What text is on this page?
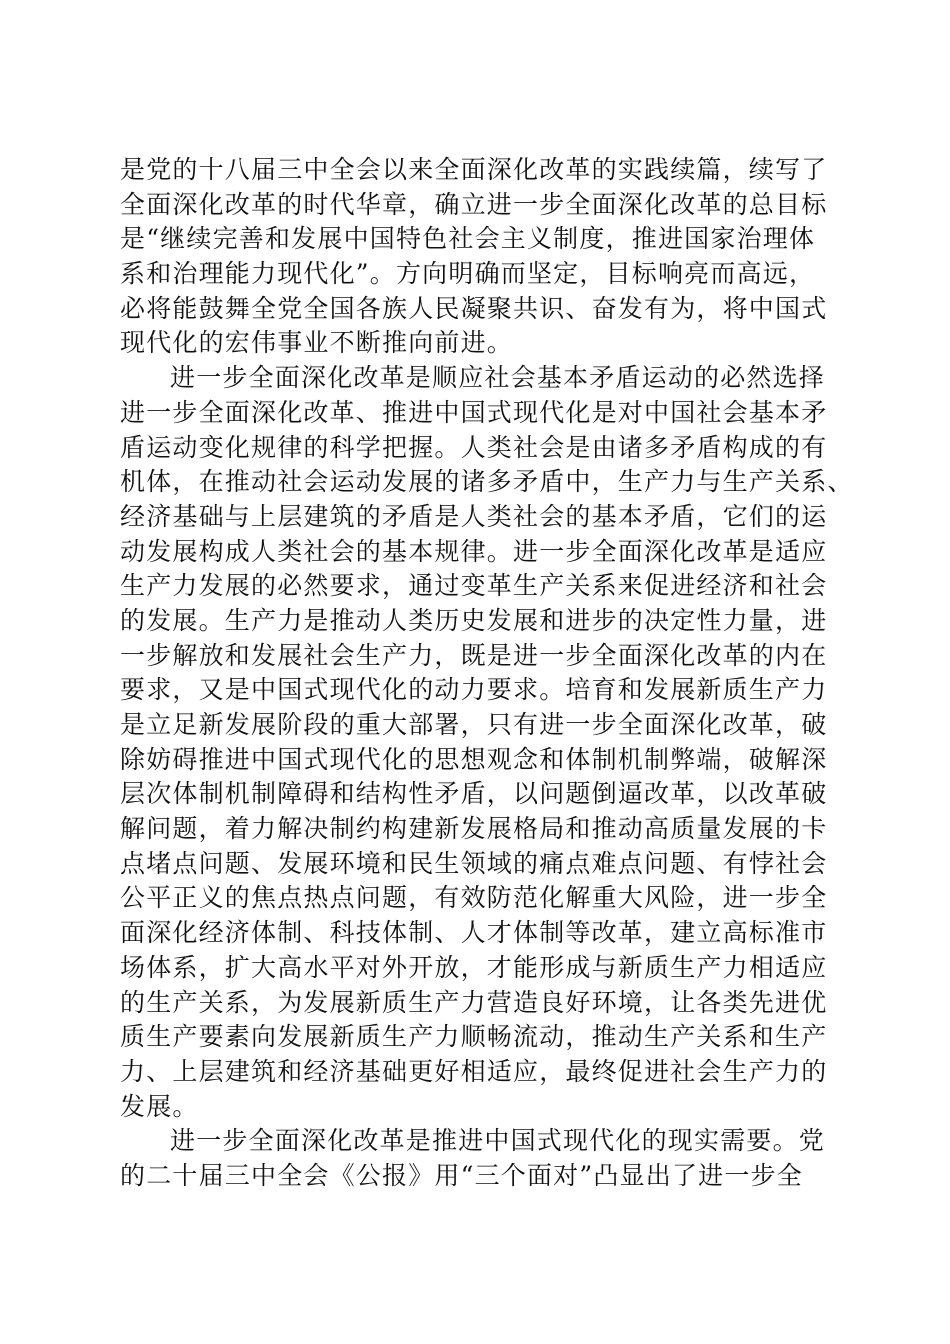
是党的十八届三中全会以来全面深化改革的实践续篇，续写了
全面深化改革的时代华章，确立进一步全面深化改革的总目标
是“继续完善和发展中国特色社会主义制度，推进国家治理体
系和治理能力现代化”。方向明确而坚定，目标响亮而高远，
必将能鼓舞全党全国各族人民凝聚共识、奋发有为，将中国式
现代化的宏伟事业不断推向前进。
进一步全面深化改革是顺应社会基本矛盾运动的必然选择
进一步全面深化改革、推进中国式现代化是对中国社会基本矛
盾运动变化规律的科学把握。人类社会是由诸多矛盾构成的有
机体，在推动社会运动发展的诸多矛盾中，生产力与生产关系、
经济基础与上层建筑的矛盾是人类社会的基本矛盾，它们的运
动发展构成人类社会的基本规律。进一步全面深化改革是适应
生产力发展的必然要求，通过变革生产关系来促进经济和社会
的发展。生产力是推动人类历史发展和进步的决定性力量，进
一步解放和发展社会生产力，既是进一步全面深化改革的内在
要求，又是中国式现代化的动力要求。培育和发展新质生产力
是立足新发展阶段的重大部署，只有进一步全面深化改革，破
除妨碍推进中国式现代化的思想观念和体制机制弊端，破解深
层次体制机制障碍和结构性矛盾，以问题倒逼改革，以改革破
解问题，着力解决制约构建新发展格局和推动高质量发展的卡
点堵点问题、发展环境和民生领域的痛点难点问题、有悖社会
公平正义的焦点热点问题，有效防范化解重大风险，进一步全
面深化经济体制、科技体制、人才体制等改革，建立高标准市
场体系，扩大高水平对外开放，才能形成与新质生产力相适应
的生产关系，为发展新质生产力营造良好环境，让各类先进优
质生产要素向发展新质生产力顺畅流动，推动生产关系和生产
力、上层建筑和经济基础更好相适应，最终促进社会生产力的
发展。
进一步全面深化改革是推进中国式现代化的现实需要。党
的二十届三中全会《公报》用“三个面对”凸显出了进一步全
